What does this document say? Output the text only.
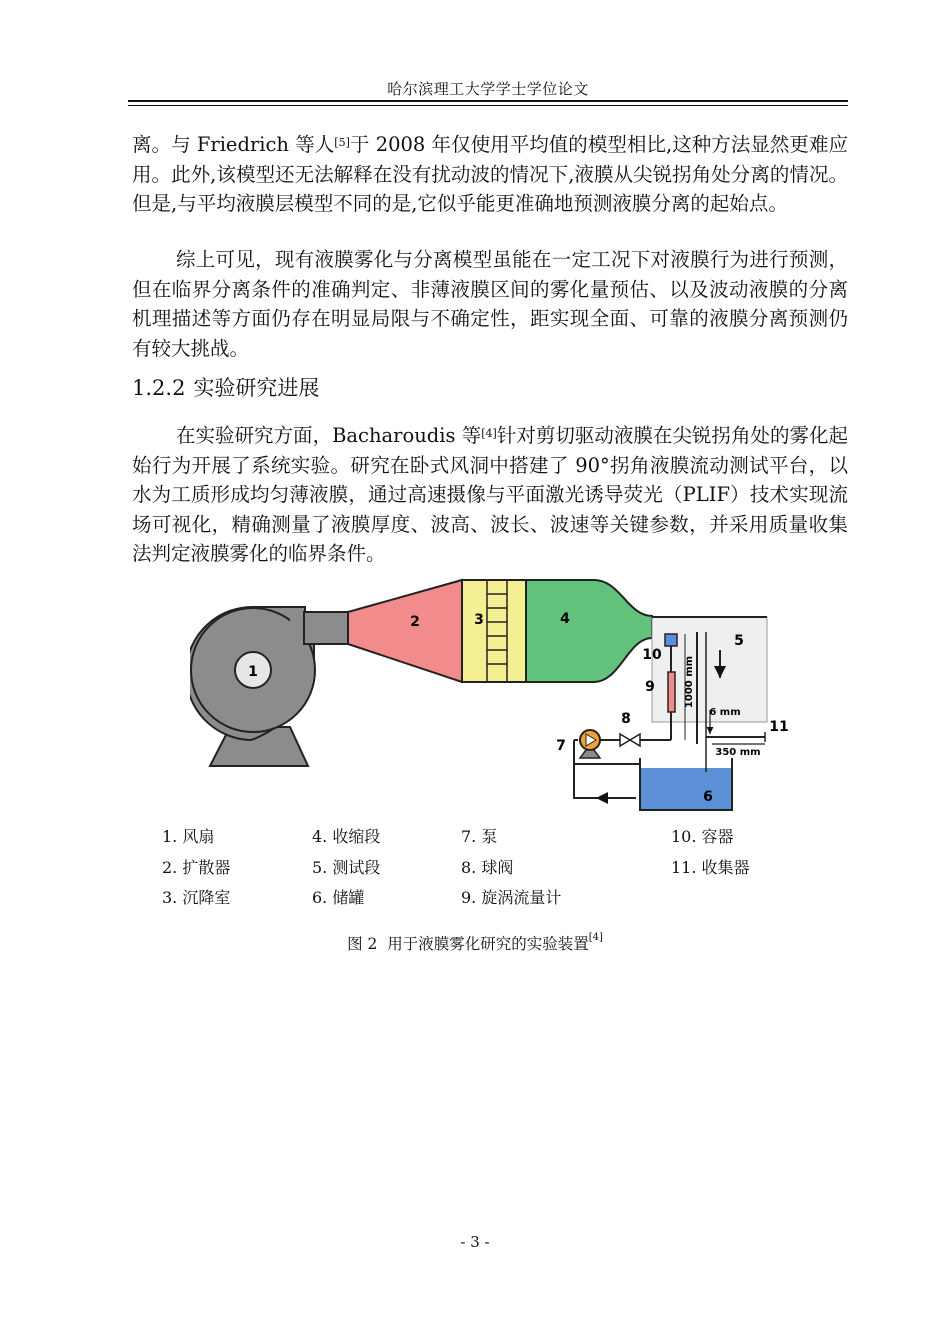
哈尔滨理工大学学士学位论文

离。与 Friedrich 等人[5]于 2008 年仅使用平均值的模型相比,这种方法显然更难应用。此外,该模型还无法解释在没有扰动波的情况下,液膜从尖锐拐角处分离的情况。但是,与平均液膜层模型不同的是,它似乎能更准确地预测液膜分离的起始点。

综上可见，现有液膜雾化与分离模型虽能在一定工况下对液膜行为进行预测，但在临界分离条件的准确判定、非薄液膜区间的雾化量预估、以及波动液膜的分离机理描述等方面仍存在明显局限与不确定性，距实现全面、可靠的液膜分离预测仍有较大挑战。

1.2.2 实验研究进展

在实验研究方面，Bacharoudis 等[4]针对剪切驱动液膜在尖锐拐角处的雾化起始行为开展了系统实验。研究在卧式风洞中搭建了 90°拐角液膜流动测试平台，以水为工质形成均匀薄液膜，通过高速摄像与平面激光诱导荧光（PLIF）技术实现流场可视化，精确测量了液膜厚度、波高、波长、波速等关键参数，并采用质量收集法判定液膜雾化的临界条件。

1
2	3	4
5
6
7
8
9
10
11
1000 mm
6 mm
350 mm
1. 风扇	4. 收缩段	7. 泵	10. 容器
2. 扩散器	5. 测试段	8. 球阀	11. 收集器
3. 沉降室	6. 储罐	9. 旋涡流量计
图 2 用于液膜雾化研究的实验装置[4]
- 3 -
